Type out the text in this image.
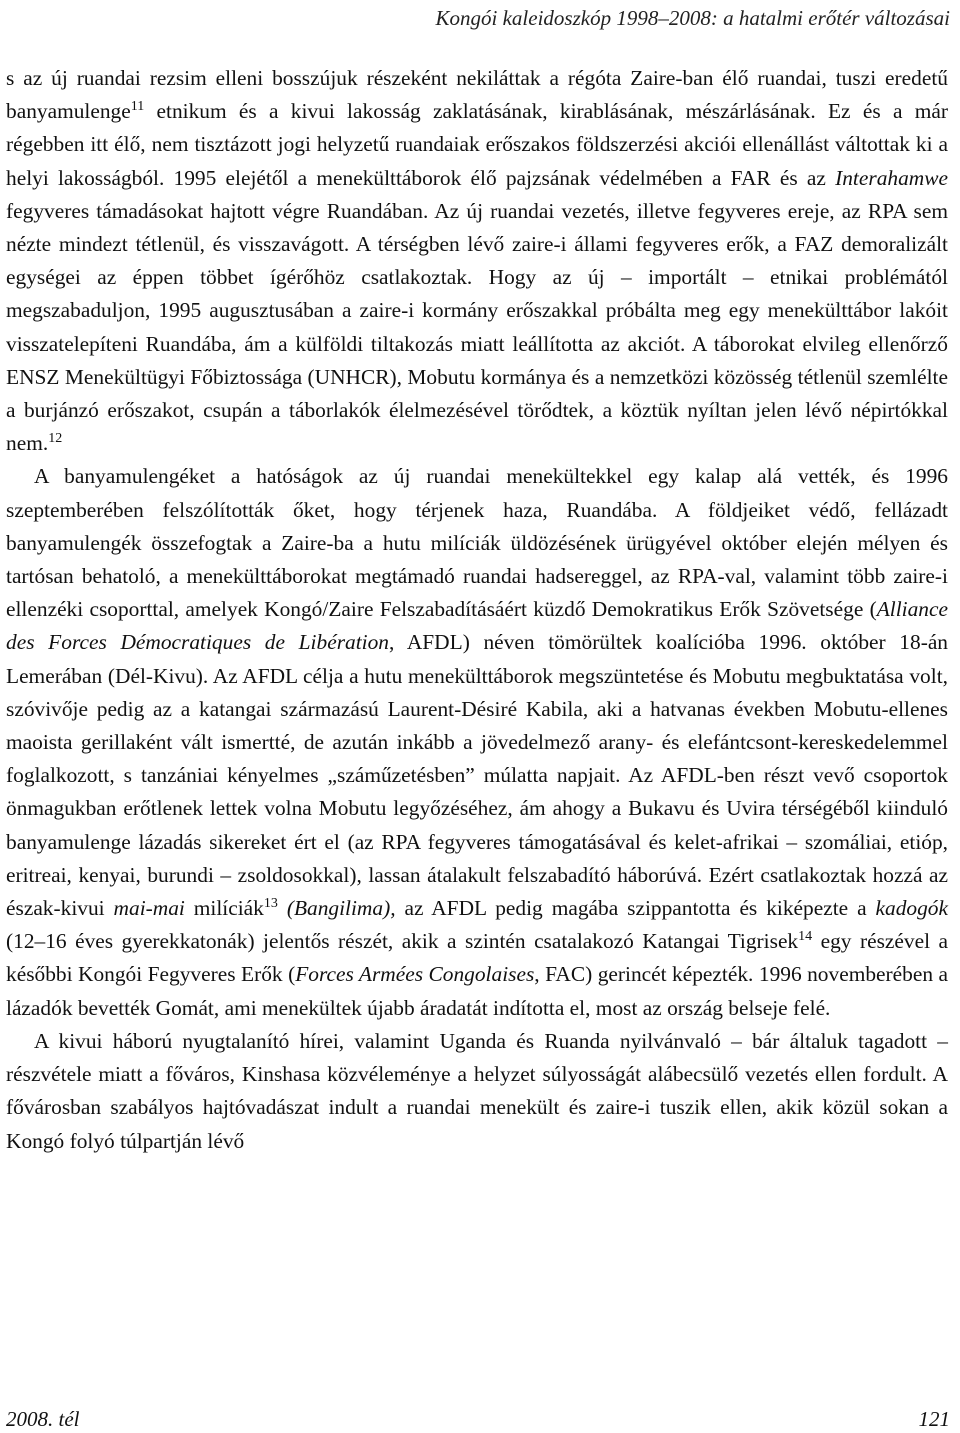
Kongói kaleidoszkóp 1998–2008: a hatalmi erőtér változásai

s az új ruandai rezsim elleni bosszújuk részeként nekiláttak a régóta Zaire-ban élő ruandai, tuszi eredetű banyamulenge$^{11}$ etnikum és a kivui lakosság zaklatásának, kirablásának, mészárlásának. Ez és a már régebben itt élő, nem tisztázott jogi helyzetű ruandaiak erőszakos földszerzési akciói ellenállást váltottak ki a helyi lakosságból. 1995 elejétől a menekülttáborok élő pajzsának védelmében a FAR és az Interahamwe fegyveres támadásokat hajtott végre Ruandában. Az új ruandai vezetés, illetve fegyveres ereje, az RPA sem nézte mindezt tétlenül, és visszavágott. A térségben lévő zaire-i állami fegyveres erők, a FAZ demoralizált egységei az éppen többet ígérőhöz csatlakoztak. Hogy az új – importált – etnikai problémától megszabaduljon, 1995 augusztusában a zaire-i kormány erőszakkal próbálta meg egy menekülttábor lakóit visszatelepíteni Ruandába, ám a külföldi tiltakozás miatt leállította az akciót. A táborokat elvileg ellenőrző ENSZ Menekültügyi Főbiztossága (UNHCR), Mobutu kormánya és a nemzetközi közösség tétlenül szemlélte a burjánzó erőszakot, csupán a táborlakók élelmezésével törődtek, a köztük nyíltan jelen lévő népirtókkal nem.$^{12}$

A banyamulengéket a hatóságok az új ruandai menekültekkel egy kalap alá vették, és 1996 szeptemberében felszólították őket, hogy térjenek haza, Ruandába. A földjeiket védő, fellázadt banyamulengék összefogtak a Zaire-ba a hutu milíciák üldözésének ürügyével október elején mélyen és tartósan behatoló, a menekülttáborokat megtámadó ruandai hadsereggel, az RPA-val, valamint több zaire-i ellenzéki csoporttal, amelyek Kongó/Zaire Felszabadításáért küzdő Demokratikus Erők Szövetsége (Alliance des Forces Démocratiques de Libération, AFDL) néven tömörültek koalícióba 1996. október 18-án Lemerában (Dél-Kivu). Az AFDL célja a hutu menekülttáborok megszüntetése és Mobutu megbuktatása volt, szóvivője pedig az a katangai származású Laurent-Désiré Kabila, aki a hatvanas években Mobutu-ellenes maoista gerillaként vált ismertté, de azután inkább a jövedelmező arany- és elefántcsont-kereskedelemmel foglalkozott, s tanzániai kényelmes „száműzetésben” múlatta napjait. Az AFDL-ben részt vevő csoportok önmagukban erőtlenek lettek volna Mobutu legyőzéséhez, ám ahogy a Bukavu és Uvira térségéből kiinduló banyamulenge lázadás sikereket ért el (az RPA fegyveres támogatásával és kelet-afrikai – szomáliai, etióp, eritreai, kenyai, burundi – zsoldosokkal), lassan átalakult felszabadító háborúvá. Ezért csatlakoztak hozzá az észak-kivui mai-mai milíciák$^{13}$ (Bangilima), az AFDL pedig magába szippantotta és kiképezte a kadogók (12–16 éves gyerekkatonák) jelentős részét, akik a szintén csatalakozó Katangai Tigrisek$^{14}$ egy részével a későbbi Kongói Fegyveres Erők (Forces Armées Congolaises, FAC) gerincét képezték. 1996 novemberében a lázadók bevették Gomát, ami menekültek újabb áradatát indította el, most az ország belseje felé.

A kivui háború nyugtalanító hírei, valamint Uganda és Ruanda nyilvánvaló – bár általuk tagadott – részvétele miatt a főváros, Kinshasa közvéleménye a helyzet súlyosságát alábecsülő vezetés ellen fordult. A fővárosban szabályos hajtóvadászat indult a ruandai menekült és zaire-i tuszik ellen, akik közül sokan a Kongó folyó túlpartján lévő

2008. tél	121
